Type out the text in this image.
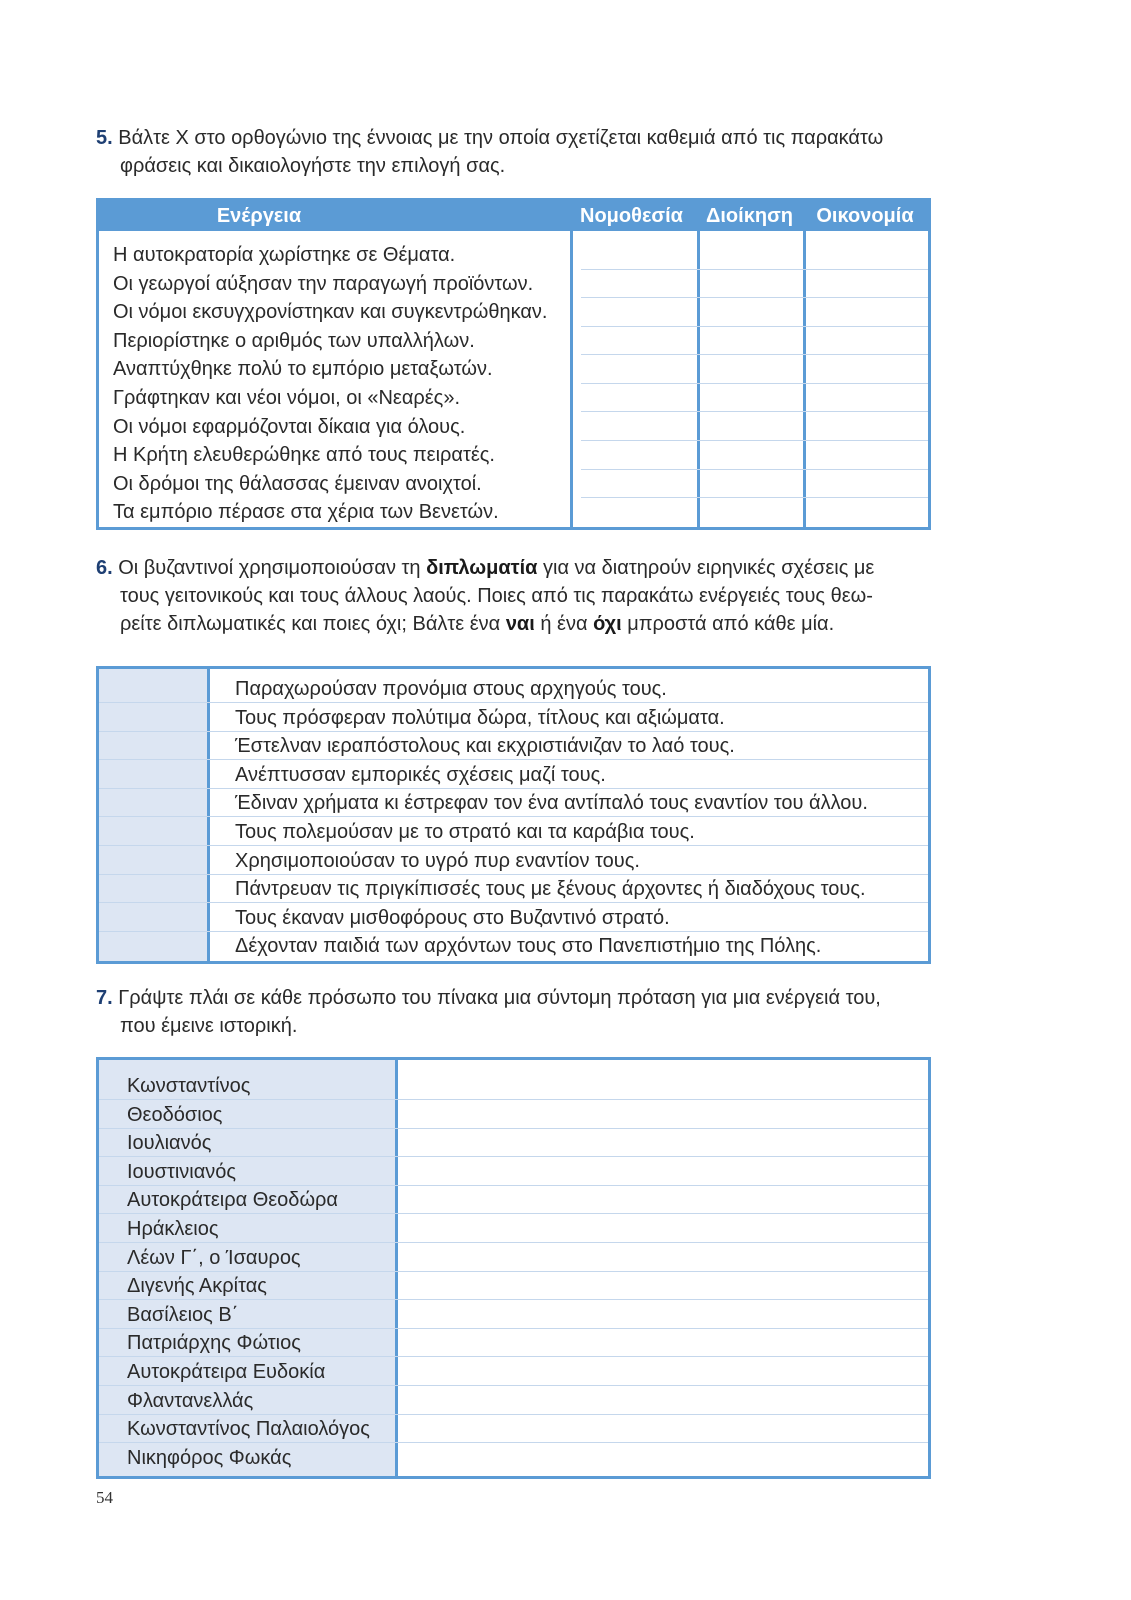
5. Βάλτε Χ στο ορθογώνιο της έννοιας με την οποία σχετίζεται καθεμιά από τις παρακάτω
φράσεις και δικαιολογήστε την επιλογή σας.

Ενέργεια	Νομοθεσία	Διοίκηση	Οικονομία
Η αυτοκρατορία χωρίστηκε σε Θέματα.
Οι γεωργοί αύξησαν την παραγωγή προϊόντων.
Οι νόμοι εκσυγχρονίστηκαν και συγκεντρώθηκαν.
Περιορίστηκε ο αριθμός των υπαλλήλων.
Αναπτύχθηκε πολύ το εμπόριο μεταξωτών.
Γράφτηκαν και νέοι νόμοι, οι «Νεαρές».
Οι νόμοι εφαρμόζονται δίκαια για όλους.
Η Κρήτη ελευθερώθηκε από τους πειρατές.
Οι δρόμοι της θάλασσας έμειναν ανοιχτοί.
Τα εμπόριο πέρασε στα χέρια των Βενετών.

6. Οι βυζαντινοί χρησιμοποιούσαν τη διπλωματία για να διατηρούν ειρηνικές σχέσεις με
τους γειτονικούς και τους άλλους λαούς. Ποιες από τις παρακάτω ενέργειές τους θεω-
ρείτε διπλωματικές και ποιες όχι; Βάλτε ένα ναι ή ένα όχι μπροστά από κάθε μία.

Παραχωρούσαν προνόμια στους αρχηγούς τους.
Τους πρόσφεραν πολύτιμα δώρα, τίτλους και αξιώματα.
Έστελναν ιεραπόστολους και εκχριστιάνιζαν το λαό τους.
Ανέπτυσσαν εμπορικές σχέσεις μαζί τους.
Έδιναν χρήματα κι έστρεφαν τον ένα αντίπαλό τους εναντίον του άλλου.
Τους πολεμούσαν με το στρατό και τα καράβια τους.
Χρησιμοποιούσαν το υγρό πυρ εναντίον τους.
Πάντρευαν τις πριγκίπισσές τους με ξένους άρχοντες ή διαδόχους τους.
Τους έκαναν μισθοφόρους στο Βυζαντινό στρατό.
Δέχονταν παιδιά των αρχόντων τους στο Πανεπιστήμιο της Πόλης.

7. Γράψτε πλάι σε κάθε πρόσωπο του πίνακα μια σύντομη πρόταση για μια ενέργειά του,
που έμεινε ιστορική.

Κωνσταντίνος
Θεοδόσιος
Ιουλιανός
Ιουστινιανός
Αυτοκράτειρα Θεοδώρα
Ηράκλειος
Λέων Γ΄, ο Ίσαυρος
Διγενής Ακρίτας
Βασίλειος Β΄
Πατριάρχης Φώτιος
Αυτοκράτειρα Ευδοκία
Φλαντανελλάς
Κωνσταντίνος Παλαιολόγος
Νικηφόρος Φωκάς
54
